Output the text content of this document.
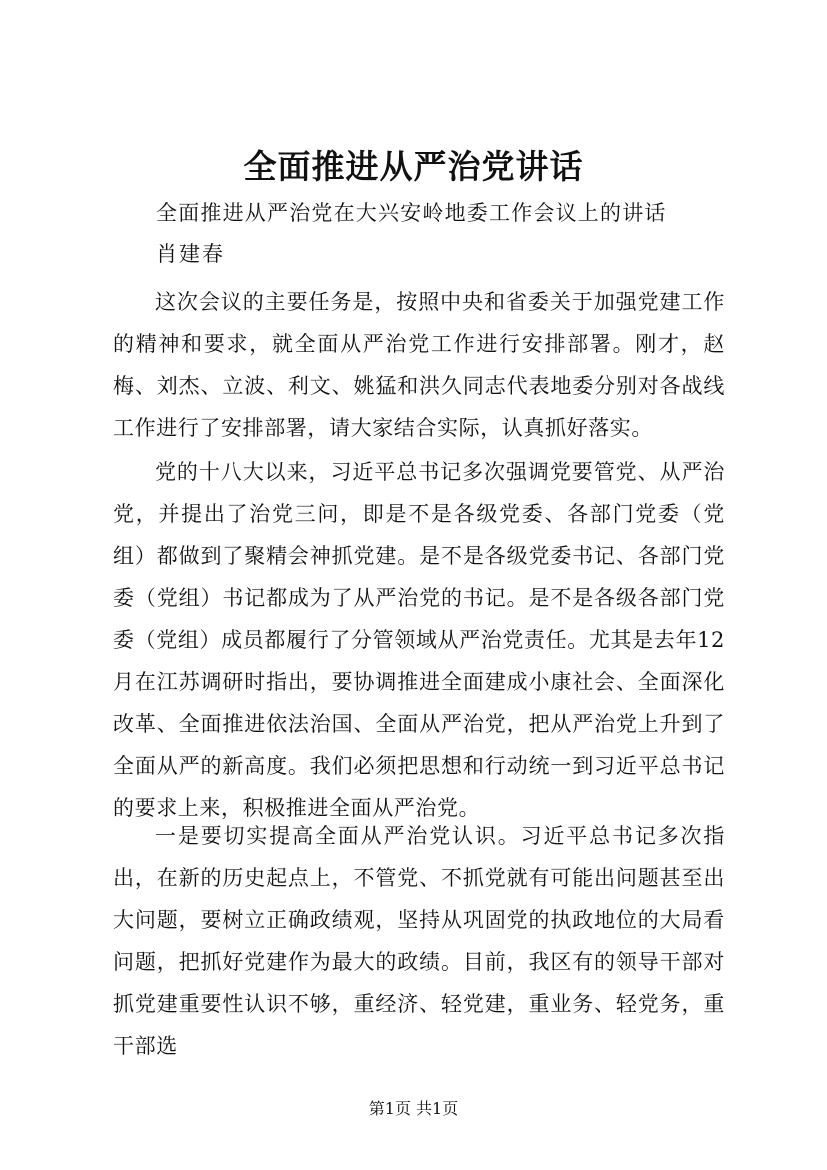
全面推进从严治党讲话
全面推进从严治党在大兴安岭地委工作会议上的讲话
肖建春
这次会议的主要任务是，按照中央和省委关于加强党建工作的精神和要求，就全面从严治党工作进行安排部署。刚才，赵梅、刘杰、立波、利文、姚猛和洪久同志代表地委分别对各战线工作进行了安排部署，请大家结合实际，认真抓好落实。
党的十八大以来，习近平总书记多次强调党要管党、从严治党，并提出了治党三问，即是不是各级党委、各部门党委（党组）都做到了聚精会神抓党建。是不是各级党委书记、各部门党委（党组）书记都成为了从严治党的书记。是不是各级各部门党委（党组）成员都履行了分管领域从严治党责任。尤其是去年12月在江苏调研时指出，要协调推进全面建成小康社会、全面深化改革、全面推进依法治国、全面从严治党，把从严治党上升到了全面从严的新高度。我们必须把思想和行动统一到习近平总书记的要求上来，积极推进全面从严治党。
一是要切实提高全面从严治党认识。习近平总书记多次指出，在新的历史起点上，不管党、不抓党就有可能出问题甚至出大问题，要树立正确政绩观，坚持从巩固党的执政地位的大局看问题，把抓好党建作为最大的政绩。目前，我区有的领导干部对抓党建重要性认识不够，重经济、轻党建，重业务、轻党务，重干部选
第1页 共1页
